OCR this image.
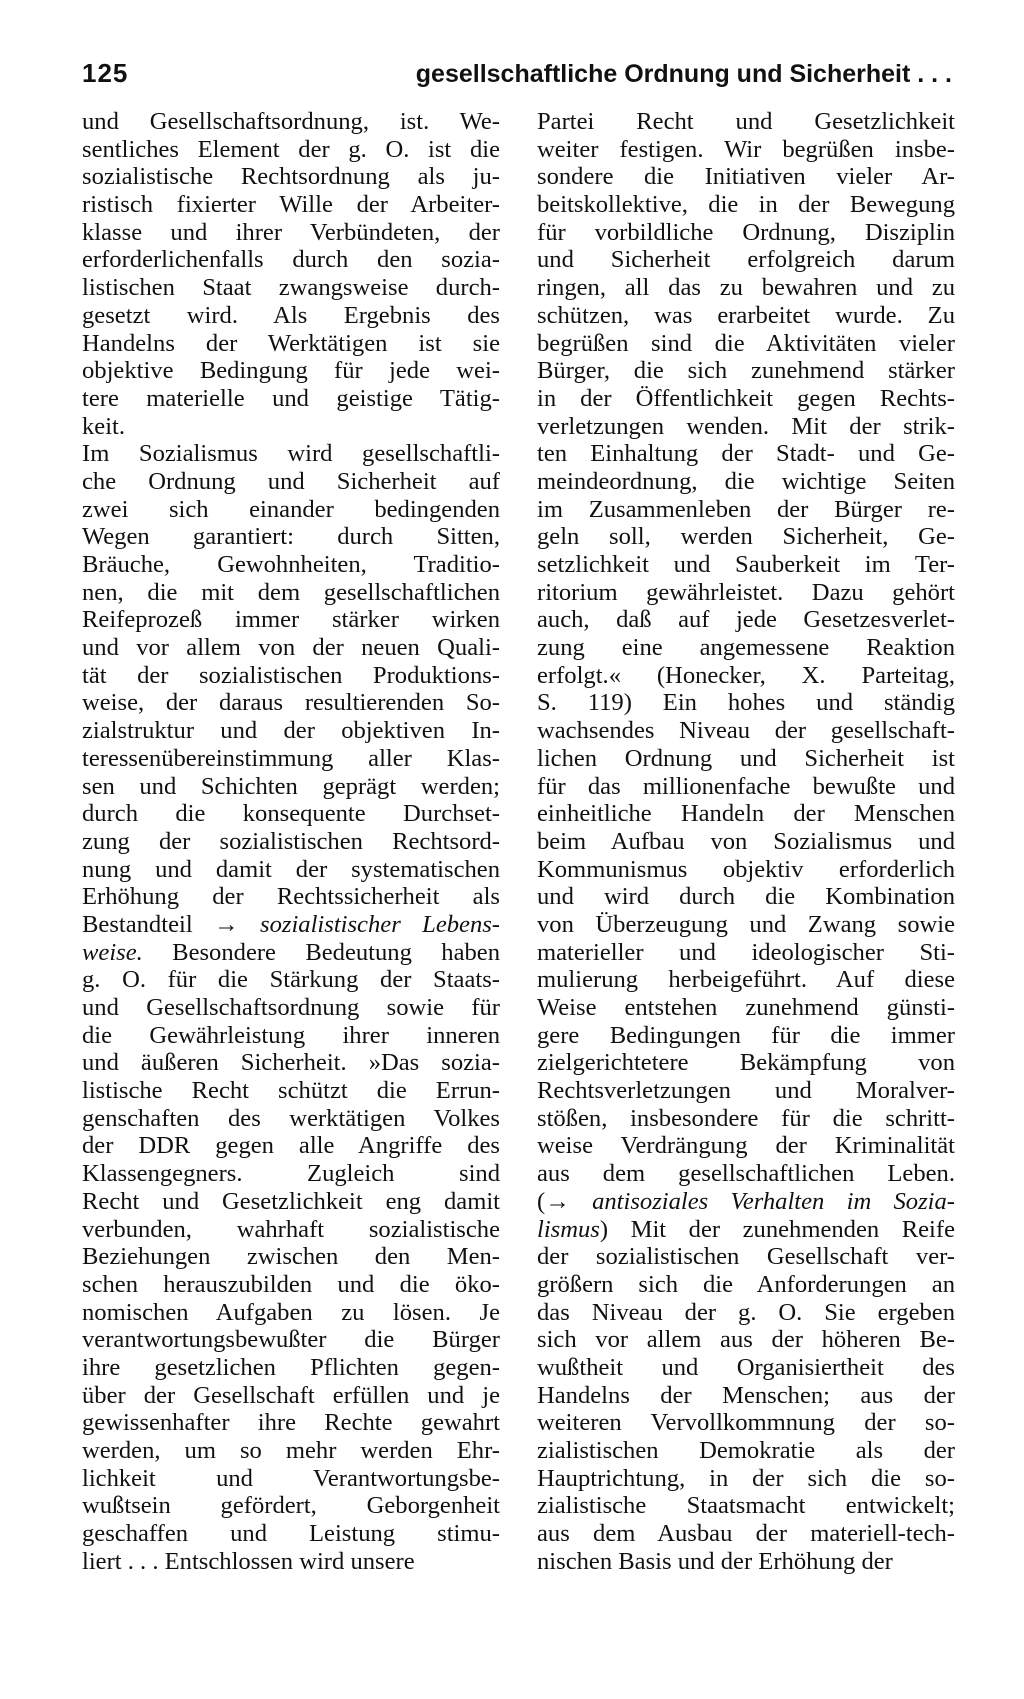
125	gesellschaftliche Ordnung und Sicherheit . . .
und Gesellschaftsordnung, ist. We-
sentliches Element der g. O. ist die
sozialistische Rechtsordnung als ju-
ristisch fixierter Wille der Arbeiter-
klasse und ihrer Verbündeten, der
erforderlichenfalls durch den sozia-
listischen Staat zwangsweise durch-
gesetzt wird. Als Ergebnis des
Handelns der Werktätigen ist sie
objektive Bedingung für jede wei-
tere materielle und geistige Tätig-
keit.
Im Sozialismus wird gesellschaftli-
che Ordnung und Sicherheit auf
zwei sich einander bedingenden
Wegen garantiert: durch Sitten,
Bräuche, Gewohnheiten, Traditio-
nen, die mit dem gesellschaftlichen
Reifeprozeß immer stärker wirken
und vor allem von der neuen Quali-
tät der sozialistischen Produktions-
weise, der daraus resultierenden So-
zialstruktur und der objektiven In-
teressenübereinstimmung aller Klas-
sen und Schichten geprägt werden;
durch die konsequente Durchset-
zung der sozialistischen Rechtsord-
nung und damit der systematischen
Erhöhung der Rechtssicherheit als
Bestandteil → sozialistischer Lebens-
weise. Besondere Bedeutung haben
g. O. für die Stärkung der Staats-
und Gesellschaftsordnung sowie für
die Gewährleistung ihrer inneren
und äußeren Sicherheit. »Das sozia-
listische Recht schützt die Errun-
genschaften des werktätigen Volkes
der DDR gegen alle Angriffe des
Klassengegners. Zugleich sind
Recht und Gesetzlichkeit eng damit
verbunden, wahrhaft sozialistische
Beziehungen zwischen den Men-
schen herauszubilden und die öko-
nomischen Aufgaben zu lösen. Je
verantwortungsbewußter die Bürger
ihre gesetzlichen Pflichten gegen-
über der Gesellschaft erfüllen und je
gewissenhafter ihre Rechte gewahrt
werden, um so mehr werden Ehr-
lichkeit und Verantwortungsbe-
wußtsein gefördert, Geborgenheit
geschaffen und Leistung stimu-
liert . . . Entschlossen wird unsere
Partei Recht und Gesetzlichkeit
weiter festigen. Wir begrüßen insbe-
sondere die Initiativen vieler Ar-
beitskollektive, die in der Bewegung
für vorbildliche Ordnung, Disziplin
und Sicherheit erfolgreich darum
ringen, all das zu bewahren und zu
schützen, was erarbeitet wurde. Zu
begrüßen sind die Aktivitäten vieler
Bürger, die sich zunehmend stärker
in der Öffentlichkeit gegen Rechts-
verletzungen wenden. Mit der strik-
ten Einhaltung der Stadt- und Ge-
meindeordnung, die wichtige Seiten
im Zusammenleben der Bürger re-
geln soll, werden Sicherheit, Ge-
setzlichkeit und Sauberkeit im Ter-
ritorium gewährleistet. Dazu gehört
auch, daß auf jede Gesetzesverlet-
zung eine angemessene Reaktion
erfolgt.« (Honecker, X. Parteitag,
S. 119) Ein hohes und ständig
wachsendes Niveau der gesellschaft-
lichen Ordnung und Sicherheit ist
für das millionenfache bewußte und
einheitliche Handeln der Menschen
beim Aufbau von Sozialismus und
Kommunismus objektiv erforderlich
und wird durch die Kombination
von Überzeugung und Zwang sowie
materieller und ideologischer Sti-
mulierung herbeigeführt. Auf diese
Weise entstehen zunehmend günsti-
gere Bedingungen für die immer
zielgerichtetere Bekämpfung von
Rechtsverletzungen und Moralver-
stößen, insbesondere für die schritt-
weise Verdrängung der Kriminalität
aus dem gesellschaftlichen Leben.
(→ antisoziales Verhalten im Sozia-
lismus) Mit der zunehmenden Reife
der sozialistischen Gesellschaft ver-
größern sich die Anforderungen an
das Niveau der g. O. Sie ergeben
sich vor allem aus der höheren Be-
wußtheit und Organisiertheit des
Handelns der Menschen; aus der
weiteren Vervollkommnung der so-
zialistischen Demokratie als der
Hauptrichtung, in der sich die so-
zialistische Staatsmacht entwickelt;
aus dem Ausbau der materiell-tech-
nischen Basis und der Erhöhung der
